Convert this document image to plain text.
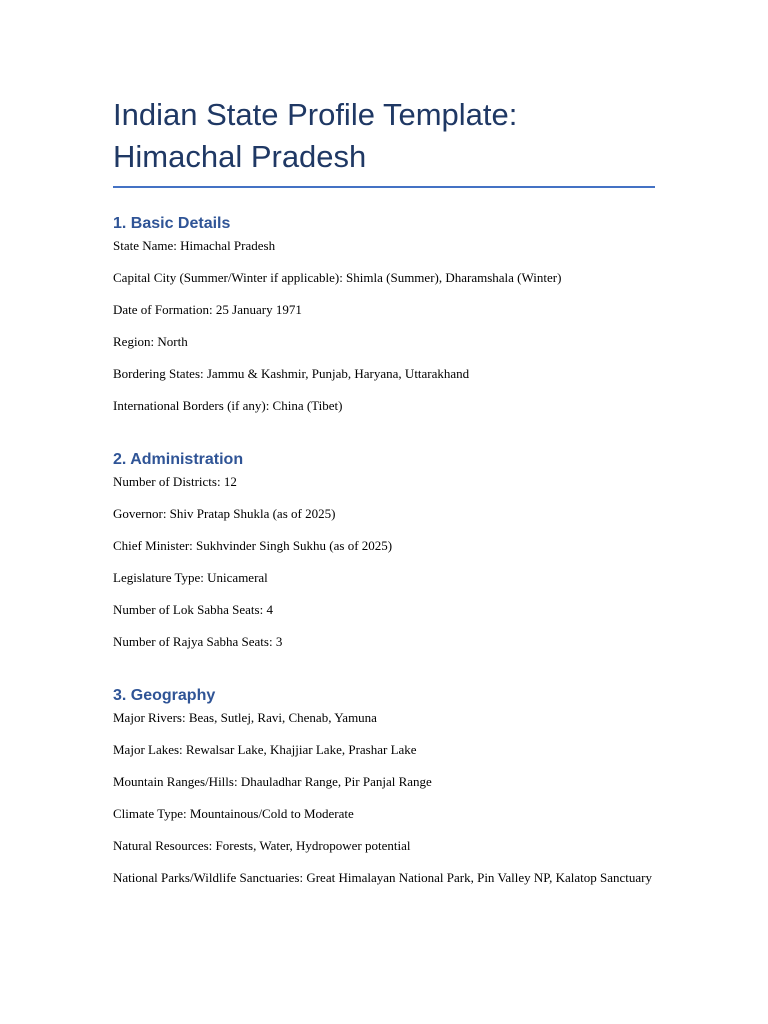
Indian State Profile Template: Himachal Pradesh
1. Basic Details

State Name: Himachal Pradesh

Capital City (Summer/Winter if applicable): Shimla (Summer), Dharamshala (Winter)

Date of Formation: 25 January 1971

Region: North

Bordering States: Jammu & Kashmir, Punjab, Haryana, Uttarakhand

International Borders (if any): China (Tibet)

2. Administration

Number of Districts: 12

Governor: Shiv Pratap Shukla (as of 2025)

Chief Minister: Sukhvinder Singh Sukhu (as of 2025)

Legislature Type: Unicameral

Number of Lok Sabha Seats: 4

Number of Rajya Sabha Seats: 3

3. Geography

Major Rivers: Beas, Sutlej, Ravi, Chenab, Yamuna

Major Lakes: Rewalsar Lake, Khajjiar Lake, Prashar Lake

Mountain Ranges/Hills: Dhauladhar Range, Pir Panjal Range

Climate Type: Mountainous/Cold to Moderate

Natural Resources: Forests, Water, Hydropower potential

National Parks/Wildlife Sanctuaries: Great Himalayan National Park, Pin Valley NP, Kalatop Sanctuary
